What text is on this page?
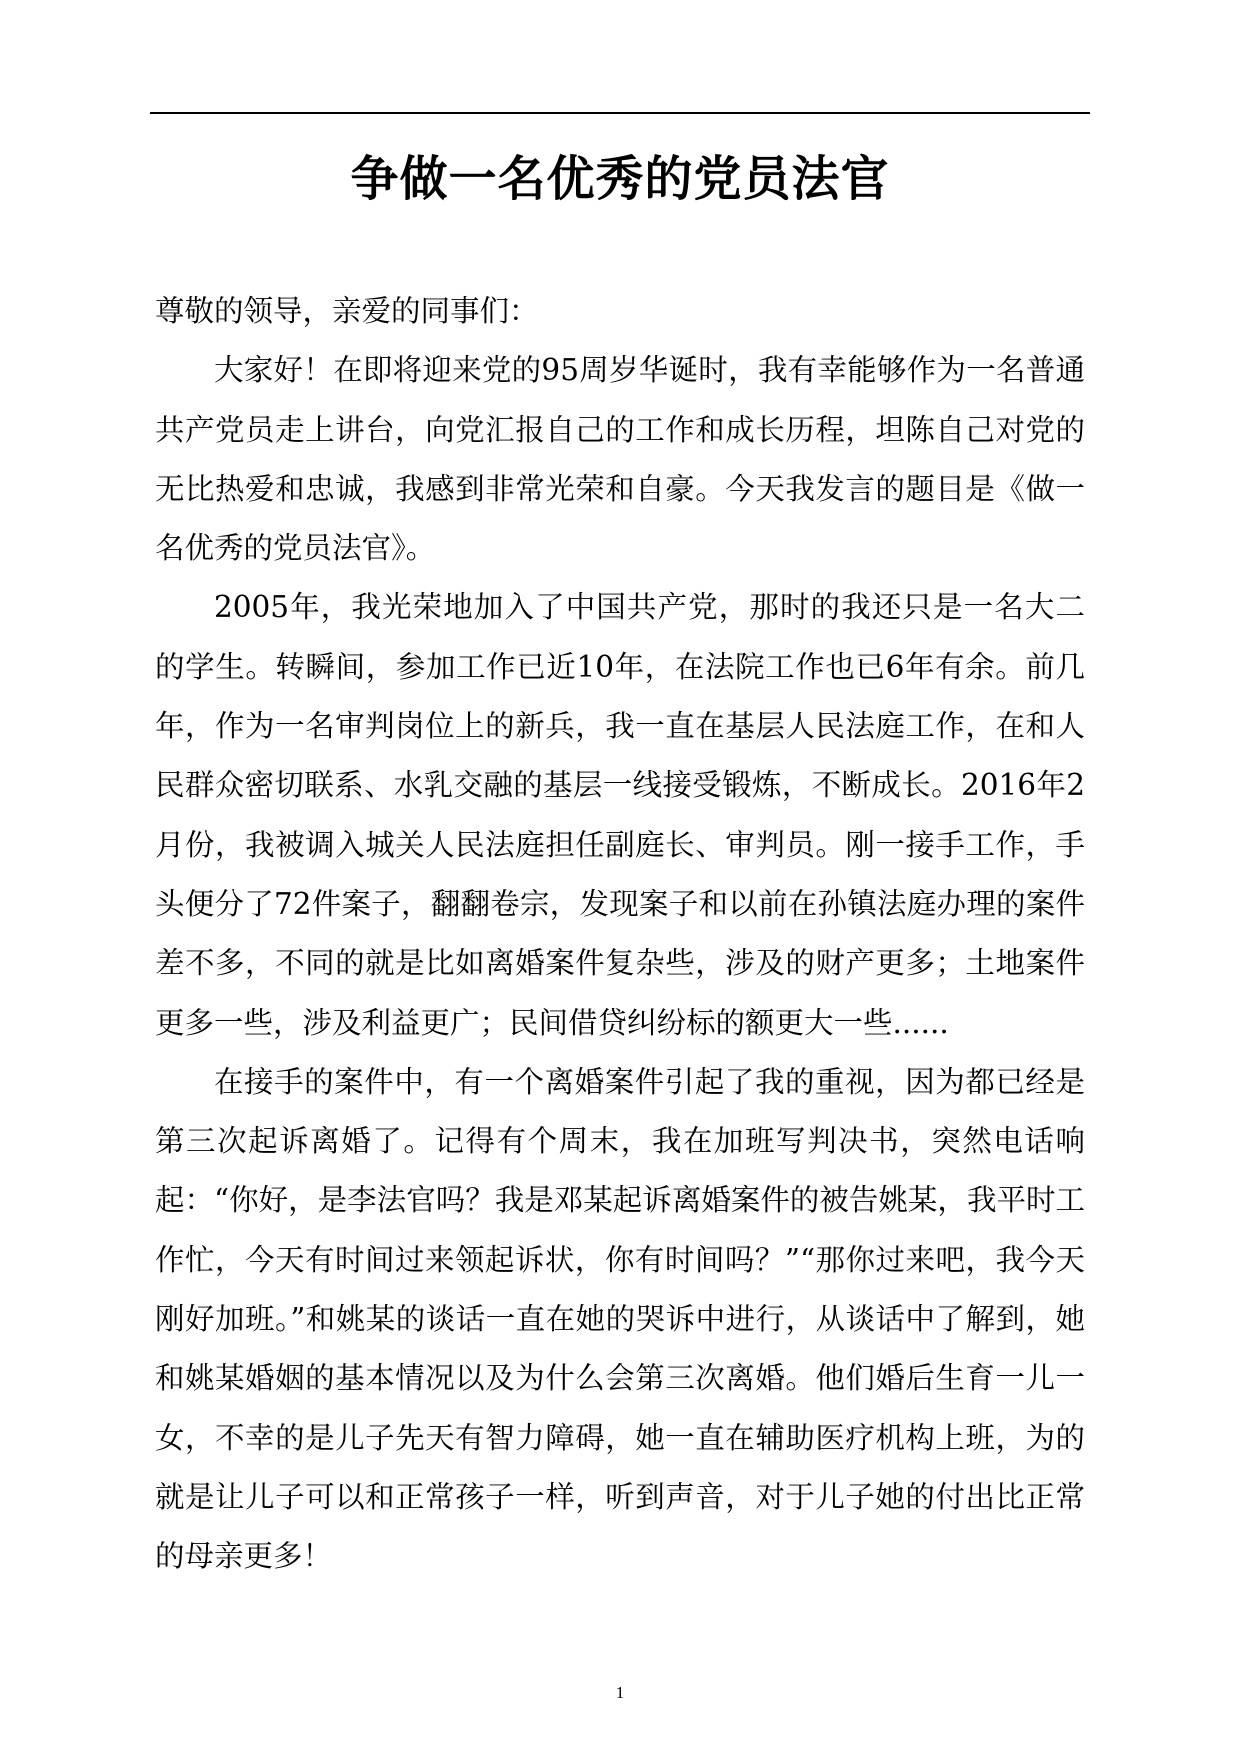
争做一名优秀的党员法官

尊敬的领导，亲爱的同事们：

大家好！在即将迎来党的95周岁华诞时，我有幸能够作为一名普通共产党员走上讲台，向党汇报自己的工作和成长历程，坦陈自己对党的无比热爱和忠诚，我感到非常光荣和自豪。今天我发言的题目是《做一名优秀的党员法官》。

2005年，我光荣地加入了中国共产党，那时的我还只是一名大二的学生。转瞬间，参加工作已近10年，在法院工作也已6年有余。前几年，作为一名审判岗位上的新兵，我一直在基层人民法庭工作，在和人民群众密切联系、水乳交融的基层一线接受锻炼，不断成长。2016年2月份，我被调入城关人民法庭担任副庭长、审判员。刚一接手工作，手头便分了72件案子，翻翻卷宗，发现案子和以前在孙镇法庭办理的案件差不多，不同的就是比如离婚案件复杂些，涉及的财产更多；土地案件更多一些，涉及利益更广；民间借贷纠纷标的额更大一些......

在接手的案件中，有一个离婚案件引起了我的重视，因为都已经是第三次起诉离婚了。记得有个周末，我在加班写判决书，突然电话响起：“你好，是李法官吗？我是邓某起诉离婚案件的被告姚某，我平时工作忙，今天有时间过来领起诉状，你有时间吗？”“那你过来吧，我今天刚好加班。”和姚某的谈话一直在她的哭诉中进行，从谈话中了解到，她和姚某婚姻的基本情况以及为什么会第三次离婚。他们婚后生育一儿一女，不幸的是儿子先天有智力障碍，她一直在辅助医疗机构上班，为的就是让儿子可以和正常孩子一样，听到声音，对于儿子她的付出比正常的母亲更多！

1
